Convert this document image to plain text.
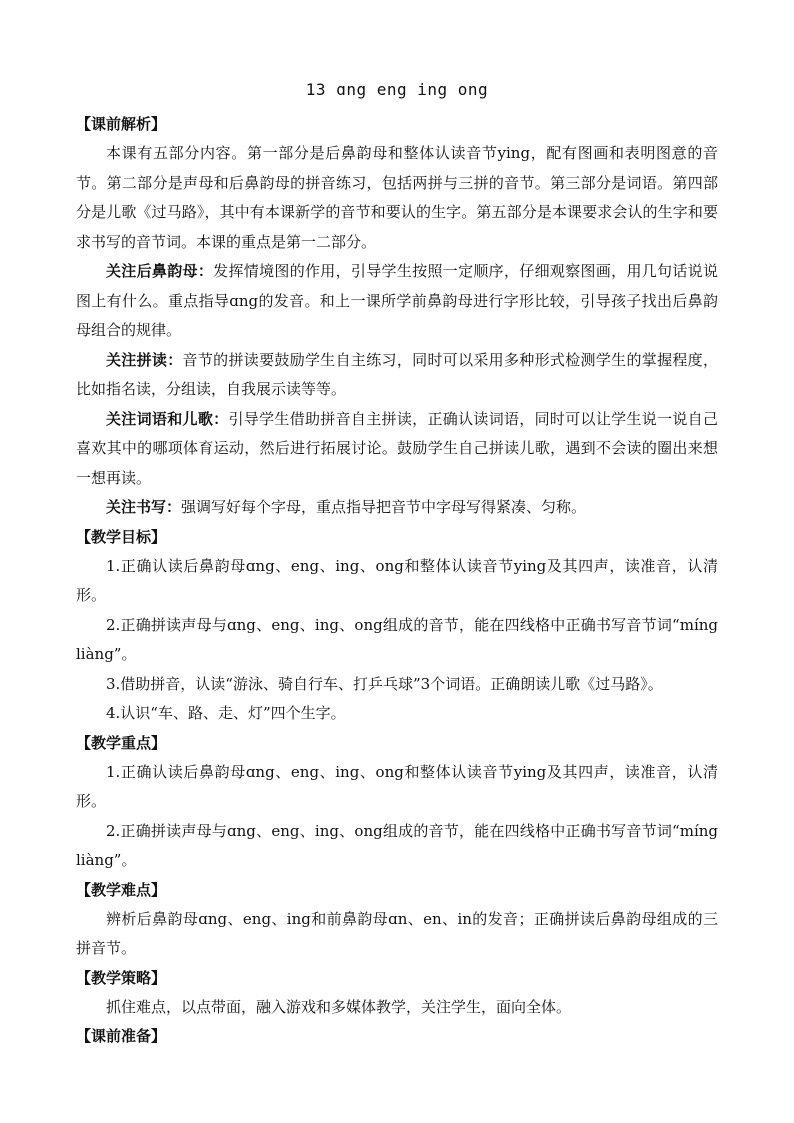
13 ɑng eng ing ong

【课前解析】

本课有五部分内容。第一部分是后鼻韵母和整体认读音节ying，配有图画和表明图意的音节。第二部分是声母和后鼻韵母的拼音练习，包括两拼与三拼的音节。第三部分是词语。第四部分是儿歌《过马路》，其中有本课新学的音节和要认的生字。第五部分是本课要求会认的生字和要求书写的音节词。本课的重点是第一二部分。

关注后鼻韵母：发挥情境图的作用，引导学生按照一定顺序，仔细观察图画，用几句话说说图上有什么。重点指导ɑng的发音。和上一课所学前鼻韵母进行字形比较，引导孩子找出后鼻韵母组合的规律。

关注拼读：音节的拼读要鼓励学生自主练习，同时可以采用多种形式检测学生的掌握程度，比如指名读，分组读，自我展示读等等。

关注词语和儿歌：引导学生借助拼音自主拼读，正确认读词语，同时可以让学生说一说自己喜欢其中的哪项体育运动，然后进行拓展讨论。鼓励学生自己拼读儿歌，遇到不会读的圈出来想一想再读。

关注书写：强调写好每个字母，重点指导把音节中字母写得紧凑、匀称。

【教学目标】

1.正确认读后鼻韵母ɑng、eng、ing、ong和整体认读音节ying及其四声，读准音，认清形。

2.正确拼读声母与ɑng、eng、ing、ong组成的音节，能在四线格中正确书写音节词“míng liàng”。

3.借助拼音，认读“游泳、骑自行车、打乒乓球”3个词语。正确朗读儿歌《过马路》。

4.认识“车、路、走、灯”四个生字。

【教学重点】

1.正确认读后鼻韵母ɑng、eng、ing、ong和整体认读音节ying及其四声，读准音，认清形。

2.正确拼读声母与ɑng、eng、ing、ong组成的音节，能在四线格中正确书写音节词“míng liàng”。

【教学难点】

辨析后鼻韵母ɑng、eng、ing和前鼻韵母ɑn、en、in的发音；正确拼读后鼻韵母组成的三拼音节。

【教学策略】

抓住难点，以点带面，融入游戏和多媒体教学，关注学生，面向全体。

【课前准备】
